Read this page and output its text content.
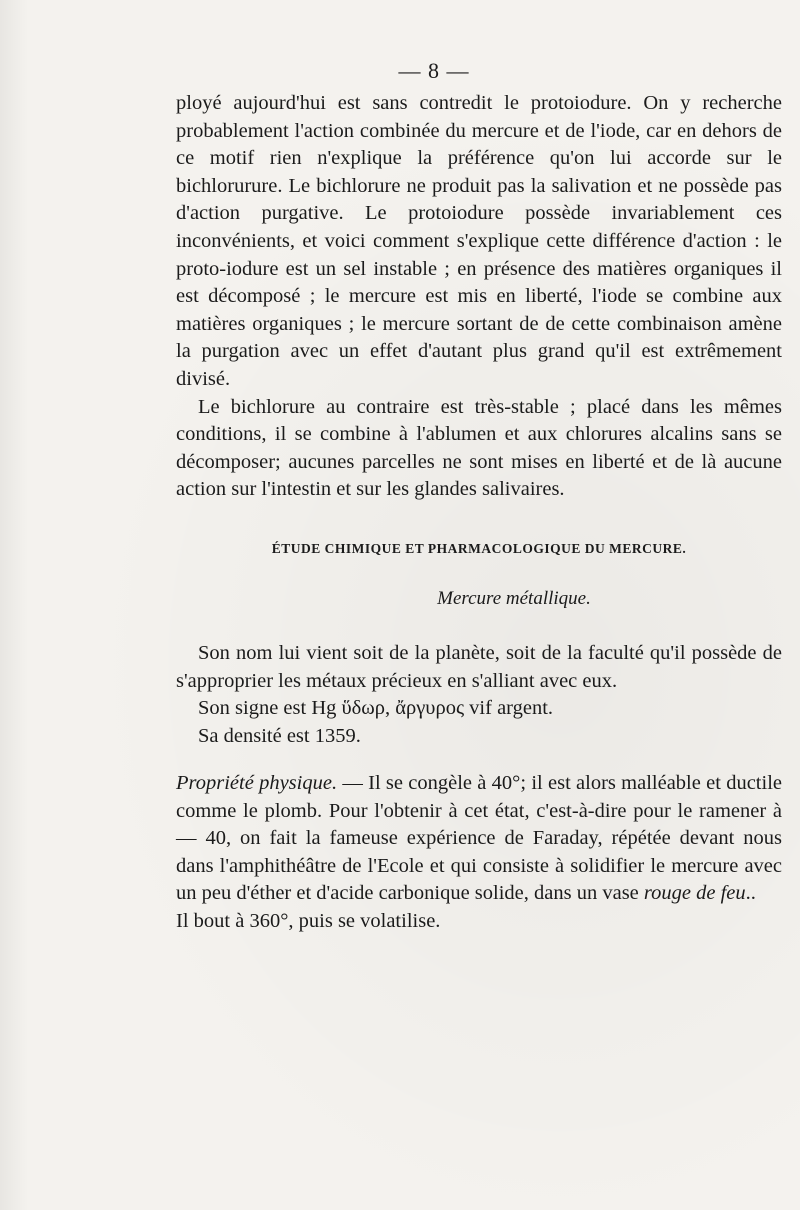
— 8 —

ployé aujourd'hui est sans contredit le protoiodure. On y recherche probablement l'action combinée du mercure et de l'iode, car en dehors de ce motif rien n'explique la préférence qu'on lui accorde sur le bichlorurure. Le bichlorure ne produit pas la salivation et ne possède pas d'action purgative. Le protoiodure possède invariablement ces inconvénients, et voici comment s'explique cette différence d'action : le proto-iodure est un sel instable ; en présence des matières organiques il est décomposé ; le mercure est mis en liberté, l'iode se combine aux matières organiques ; le mercure sortant de de cette combinaison amène la purgation avec un effet d'autant plus grand qu'il est extrêmement divisé.

Le bichlorure au contraire est très-stable ; placé dans les mêmes conditions, il se combine à l'ablumen et aux chlorures alcalins sans se décomposer; aucunes parcelles ne sont mises en liberté et de là aucune action sur l'intestin et sur les glandes salivaires.

ÉTUDE CHIMIQUE ET PHARMACOLOGIQUE DU MERCURE.
Mercure métallique.

Son nom lui vient soit de la planète, soit de la faculté qu'il possède de s'approprier les métaux précieux en s'alliant avec eux.

Son signe est Hg ὕδωρ, ἄργυρος vif argent.

Sa densité est 1359.

Propriété physique. — Il se congèle à 40°; il est alors malléable et ductile comme le plomb. Pour l'obtenir à cet état, c'est-à-dire pour le ramener à — 40, on fait la fameuse expérience de Faraday, répétée devant nous dans l'amphithéâtre de l'Ecole et qui consiste à solidifier le mercure avec un peu d'éther et d'acide carbonique solide, dans un vase rouge de feu..

Il bout à 360°, puis se volatilise.
